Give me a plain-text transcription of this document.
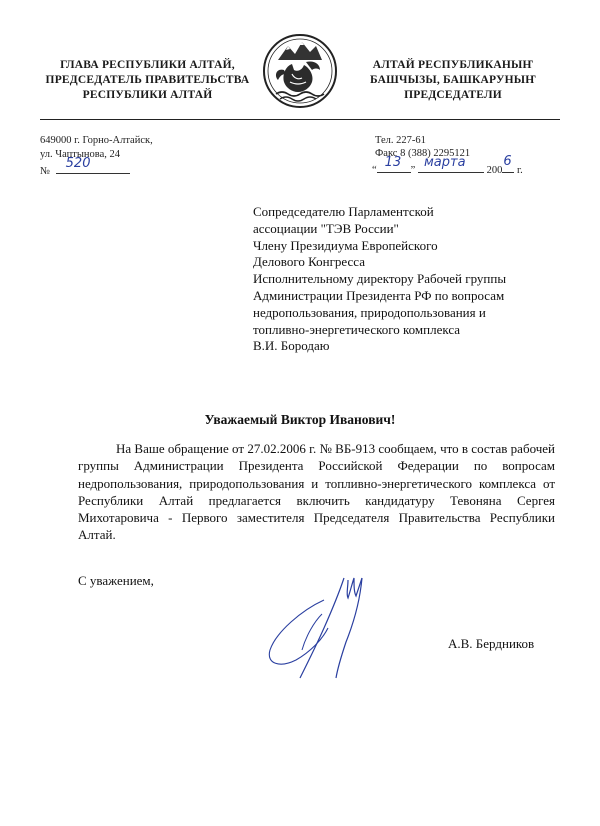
ГЛАВА РЕСПУБЛИКИ АЛТАЙ,
ПРЕДСЕДАТЕЛЬ ПРАВИТЕЛЬСТВА
РЕСПУБЛИКИ АЛТАЙ
АЛТАЙ РЕСПУБЛИКАНЫҤ
БАШЧЫЗЫ, БАШКАРУНЫҤ
ПРЕДСЕДАТЕЛИ
649000 г. Горно-Алтайск,
ул. Чаптынова, 24
№
520
Тел. 227-61
Факс 8 (388) 2295121
“
13
”
марта
200
6
г.
Сопредседателю Парламентской
ассоциации "ТЭВ России"
Члену Президиума Европейского
Делового Конгресса
Исполнительному директору Рабочей группы
Администрации Президента РФ по вопросам
недропользования, природопользования и
топливно-энергетического комплекса
В.И. Бородаю
Уважаемый Виктор Иванович!

На Ваше обращение от 27.02.2006 г. № ВБ-913 сообщаем, что в состав рабочей группы Администрации Президента Российской Федерации по вопросам недропользования, природопользования и топливно-энергетического комплекса от Республики Алтай предлагается включить кандидатуру Тевоняна Сергея Михотаровича - Первого заместителя Председателя Правительства Республики Алтай.

С уважением,
А.В. Бердников
